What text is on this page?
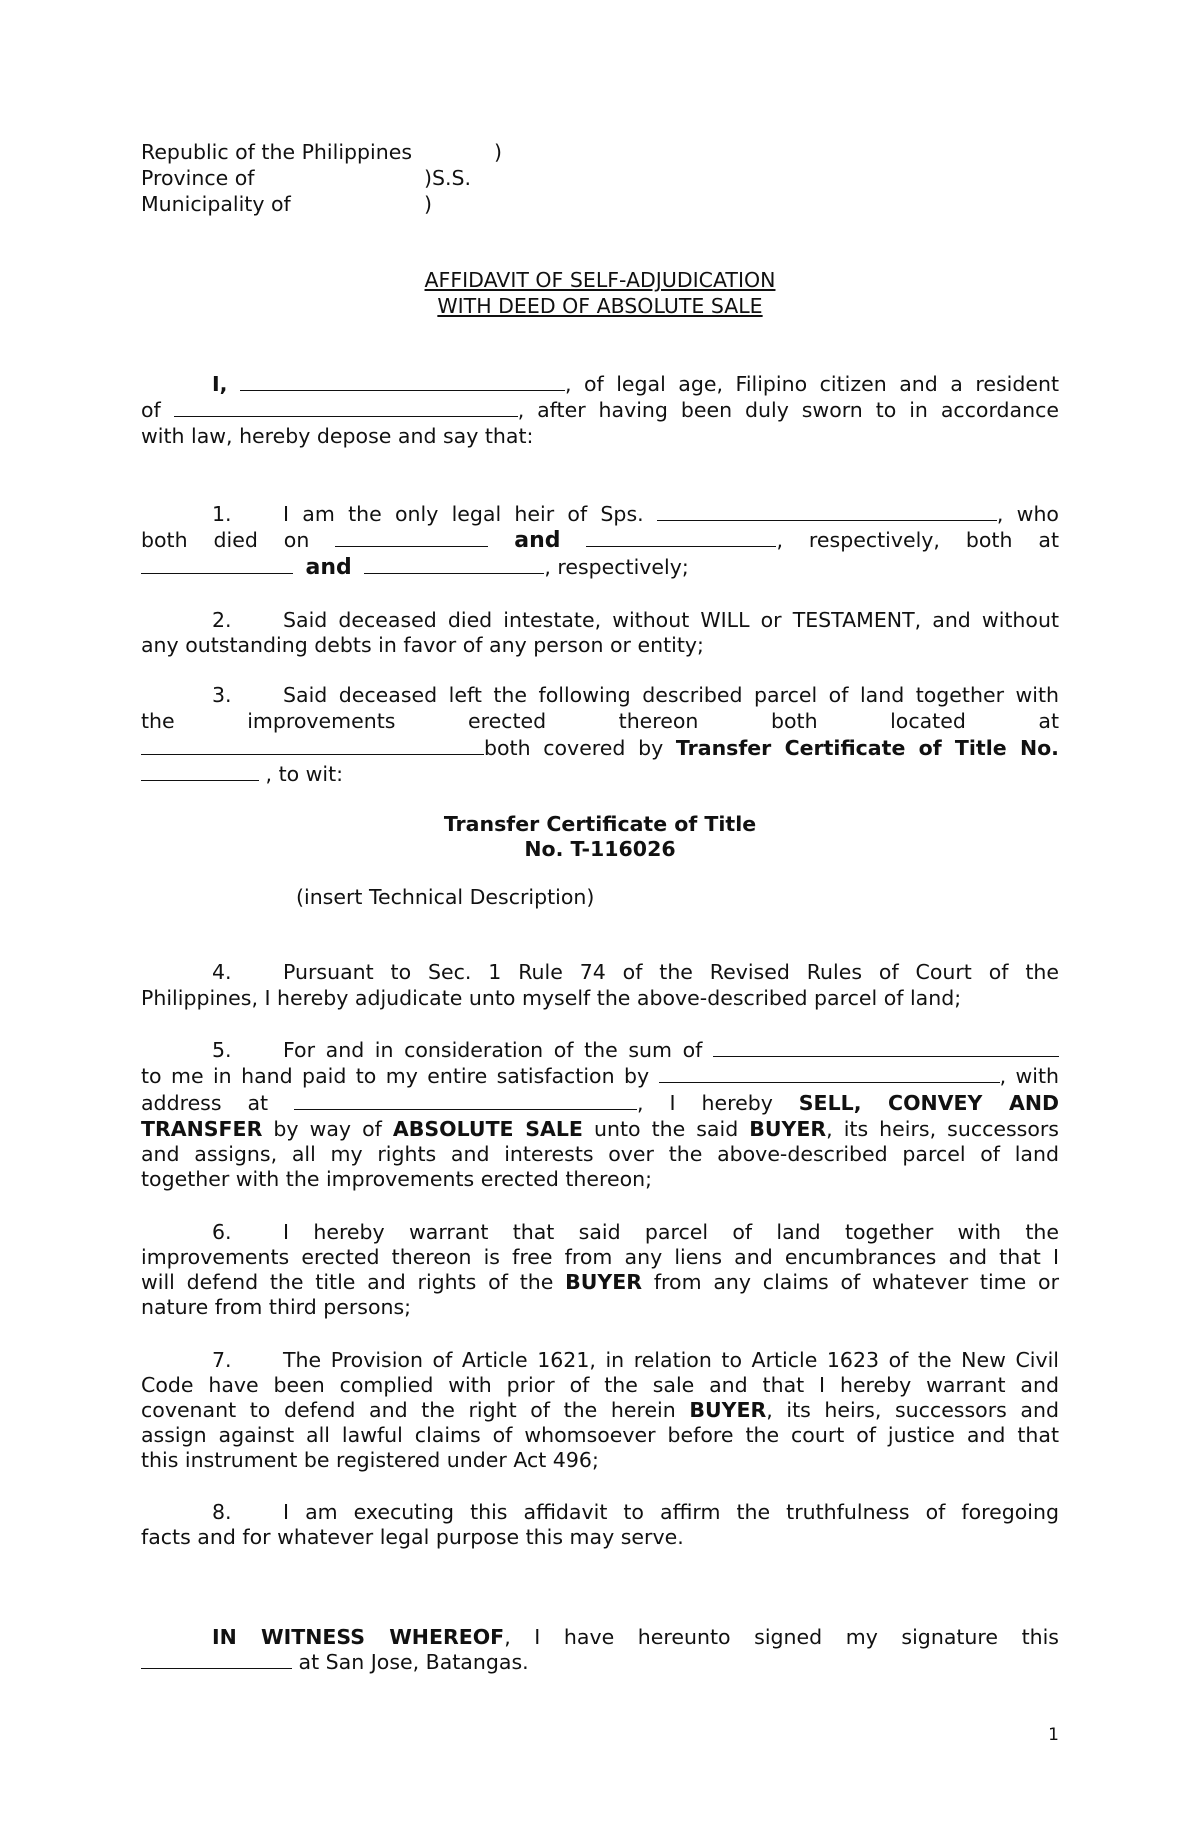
Republic of the Philippines	)
Province of	)S.S.
Municipality of	)
AFFIDAVIT OF SELF-ADJUDICATION
WITH DEED OF ABSOLUTE SALE
I,	, of legal age, Filipino citizen and a resident
of	, after having been duly sworn to in accordance
with law, hereby depose and say that:
1.	I am the only legal heir of Sps.	, who
both died on	and	, respectively, both at
and	, respectively;
2.	Said deceased died intestate, without WILL or TESTAMENT, and without
any outstanding debts in favor of any person or entity;
3.	Said deceased left the following described parcel of land together with
the improvements erected thereon both located at
both covered by Transfer Certificate of Title No.
, to wit:
Transfer Certificate of Title
No. T-116026
(insert Technical Description)
4.	Pursuant to Sec. 1 Rule 74 of the Revised Rules of Court of the
Philippines, I hereby adjudicate unto myself the above-described parcel of land;
5.	For and in consideration of the sum of
to me in hand paid to my entire satisfaction by	, with
address at	, I hereby SELL, CONVEY AND
TRANSFER by way of ABSOLUTE SALE unto the said BUYER, its heirs, successors
and assigns, all my rights and interests over the above-described parcel of land
together with the improvements erected thereon;
6.	I hereby warrant that said parcel of land together with the
improvements erected thereon is free from any liens and encumbrances and that I
will defend the title and rights of the BUYER from any claims of whatever time or
nature from third persons;
7.	The Provision of Article 1621, in relation to Article 1623 of the New Civil
Code have been complied with prior of the sale and that I hereby warrant and
covenant to defend and the right of the herein BUYER, its heirs, successors and
assign against all lawful claims of whomsoever before the court of justice and that
this instrument be registered under Act 496;
8.	I am executing this affidavit to affirm the truthfulness of foregoing
facts and for whatever legal purpose this may serve.
IN WITNESS WHEREOF, I have hereunto signed my signature this
at San Jose, Batangas.
1
